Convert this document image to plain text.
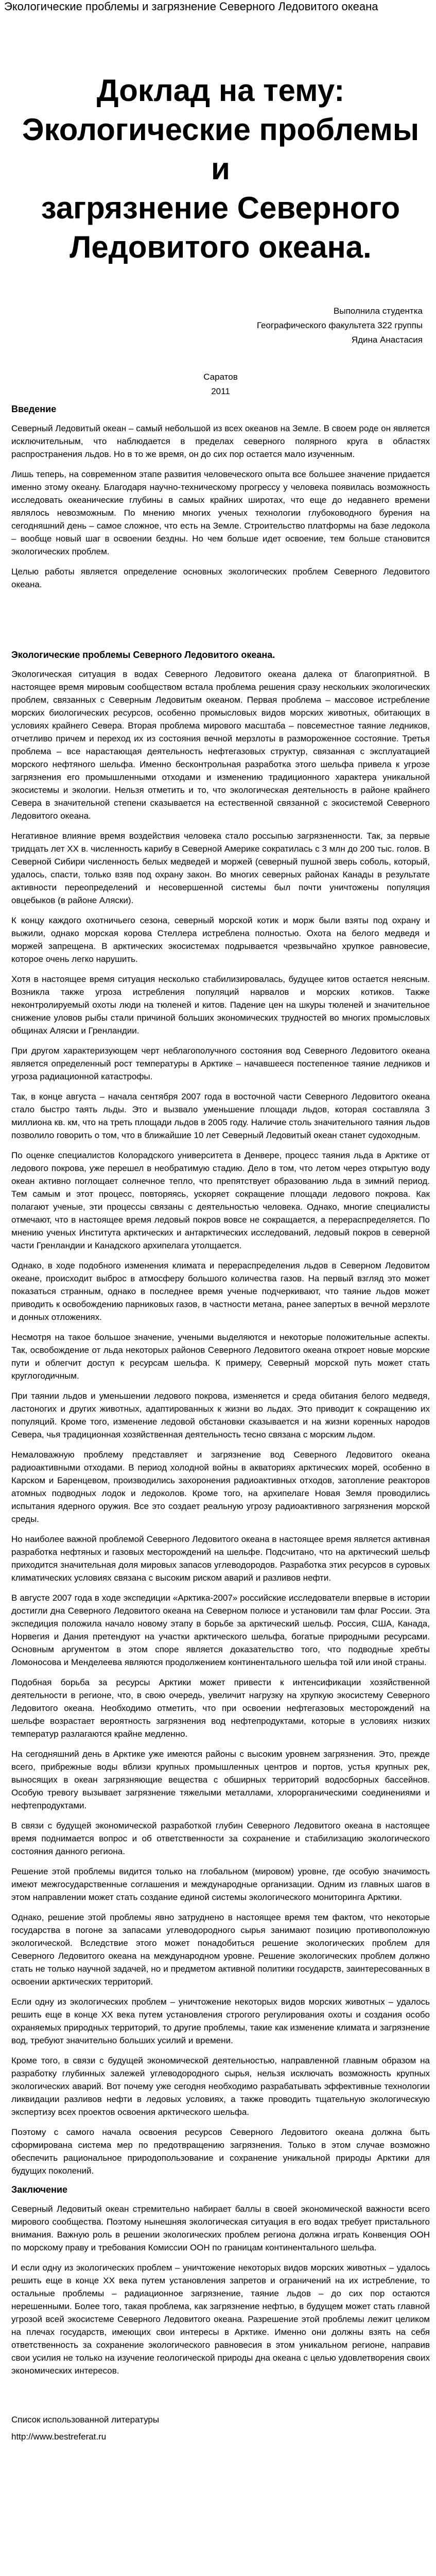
Экологические проблемы и загрязнение Северного Ледовитого океана
Доклад на тему:
Экологические проблемы и
загрязнение Северного
Ледовитого океана.
Выполнила студентка
Географического факультета 322 группы
Ядина Анастасия
Саратов
2011
Введение

Северный Ледовитый океан – самый небольшой из всех океанов на Земле. В своем роде он является исключительным, что наблюдается в пределах северного полярного круга в областях распространения льдов. Но в то же время, он до сих пор остается мало изученным.

Лишь теперь, на современном этапе развития человеческого опыта все большее значение придается именно этому океану. Благодаря научно-техническому прогрессу у человека появилась возможность исследовать океанические глубины в самых крайних широтах, что еще до недавнего времени являлось невозможным. По мнению многих ученых технологии глубоководного бурения на сегодняшний день – самое сложное, что есть на Земле. Строительство платформы на базе ледокола – вообще новый шаг в освоении бездны. Но чем больше идет освоение, тем больше становится экологических проблем.

Целью работы является определение основных экологических проблем Северного Ледовитого океана.

Экологические проблемы Северного Ледовитого океана.

Экологическая ситуация в водах Северного Ледовитого океана далека от благоприятной. В настоящее время мировым сообществом встала проблема решения сразу нескольких экологических проблем, связанных с Северным Ледовитым океаном. Первая проблема – массовое истребление морских биологических ресурсов, особенно промысловых видов морских животных, обитающих в условиях крайнего Севера. Вторая проблема мирового масштаба – повсеместное таяние ледников, отчетливо причем и переход их из состояния вечной мерзлоты в размороженное состояние. Третья проблема – все нарастающая деятельность нефтегазовых структур, связанная с эксплуатацией морского нефтяного шельфа. Именно бесконтрольная разработка этого шельфа привела к угрозе загрязнения его промышленными отходами и изменению традиционного характера уникальной экосистемы и экологии. Нельзя отметить и то, что экологическая деятельность в районе крайнего Севера в значительной степени сказывается на естественной связанной с экосистемой Северного Ледовитого океана.

Негативное влияние время воздействия человека стало россыпью загрязненности. Так, за первые тридцать лет XX в. численность карибу в Северной Америке сократилась с 3 млн до 200 тыс. голов. В Северной Сибири численность белых медведей и моржей (северный пушной зверь соболь, который, удалось, спасти, только взяв под охрану закон. Во многих северных районах Канады в результате активности переопределений и несовершенной системы был почти уничтожены популяция овцебыков (в районе Аляски).

К концу каждого охотничьего сезона, северный морской котик и морж были взяты под охрану и выжили, однако морская корова Стеллера истреблена полностью. Охота на белого медведя и моржей запрещена. В арктических экосистемах подрывается чрезвычайно хрупкое равновесие, которое очень легко нарушить.

Хотя в настоящее время ситуация несколько стабилизировалась, будущее китов остается неясным. Возникла также угроза истребления популяций нарвалов и морских котиков. Также неконтролируемый охоты люди на тюленей и китов. Падение цен на шкуры тюленей и значительное снижение уловов рыбы стали причиной больших экономических трудностей во многих промысловых общинах Аляски и Гренландии.

При другом характеризующем черт неблагополучного состояния вод Северного Ледовитого океана является определенный рост температуры в Арктике – начавшееся постепенное таяние ледников и угроза радиационной катастрофы.

Так, в конце августа – начала сентября 2007 года в восточной части Северного Ледовитого океана стало быстро таять льды. Это и вызвало уменьшение площади льдов, которая составляла 3 миллиона кв. км, что на треть площади льдов в 2005 году. Наличие столь значительного таяния льдов позволило говорить о том, что в ближайшие 10 лет Северный Ледовитый океан станет судоходным.

По оценке специалистов Колорадского университета в Денвере, процесс таяния льда в Арктике от ледового покрова, уже перешел в необратимую стадию. Дело в том, что летом через открытую воду океан активно поглощает солнечное тепло, что препятствует образованию льда в зимний период. Тем самым и этот процесс, повторяясь, ускоряет сокращение площади ледового покрова. Как полагают ученые, эти процессы связаны с деятельностью человека. Однако, многие специалисты отмечают, что в настоящее время ледовый покров вовсе не сокращается, а перераспределяется. По мнению ученых Института арктических и антарктических исследований, ледовый покров в северной части Гренландии и Канадского архипелага утолщается.

Однако, в ходе подобного изменения климата и перераспределения льдов в Северном Ледовитом океане, происходит выброс в атмосферу большого количества газов. На первый взгляд это может показаться странным, однако в последнее время ученые подчеркивают, что таяние льдов может приводить к освобождению парниковых газов, в частности метана, ранее запертых в вечной мерзлоте и донных отложениях.

Несмотря на такое большое значение, учеными выделяются и некоторые положительные аспекты. Так, освобождение от льда некоторых районов Северного Ледовитого океана откроет новые морские пути и облегчит доступ к ресурсам шельфа. К примеру, Северный морской путь может стать круглогодичным.

При таянии льдов и уменьшении ледового покрова, изменяется и среда обитания белого медведя, ластоногих и других животных, адаптированных к жизни во льдах. Это приводит к сокращению их популяций. Кроме того, изменение ледовой обстановки сказывается и на жизни коренных народов Севера, чья традиционная хозяйственная деятельность тесно связана с морским льдом.

Немаловажную проблему представляет и загрязнение вод Северного Ледовитого океана радиоактивными отходами. В период холодной войны в акваториях арктических морей, особенно в Карском и Баренцевом, производились захоронения радиоактивных отходов, затопление реакторов атомных подводных лодок и ледоколов. Кроме того, на архипелаге Новая Земля проводились испытания ядерного оружия. Все это создает реальную угрозу радиоактивного загрязнения морской среды.

Но наиболее важной проблемой Северного Ледовитого океана в настоящее время является активная разработка нефтяных и газовых месторождений на шельфе. Подсчитано, что на арктический шельф приходится значительная доля мировых запасов углеводородов. Разработка этих ресурсов в суровых климатических условиях связана с высоким риском аварий и разливов нефти.

В августе 2007 года в ходе экспедиции «Арктика-2007» российские исследователи впервые в истории достигли дна Северного Ледовитого океана на Северном полюсе и установили там флаг России. Эта экспедиция положила начало новому этапу в борьбе за арктический шельф. Россия, США, Канада, Норвегия и Дания претендуют на участки арктического шельфа, богатые природными ресурсами. Основным аргументом в этом споре является доказательство того, что подводные хребты Ломоносова и Менделеева являются продолжением континентального шельфа той или иной страны.

Подобная борьба за ресурсы Арктики может привести к интенсификации хозяйственной деятельности в регионе, что, в свою очередь, увеличит нагрузку на хрупкую экосистему Северного Ледовитого океана. Необходимо отметить, что при освоении нефтегазовых месторождений на шельфе возрастает вероятность загрязнения вод нефтепродуктами, которые в условиях низких температур разлагаются крайне медленно.

На сегодняшний день в Арктике уже имеются районы с высоким уровнем загрязнения. Это, прежде всего, прибрежные воды вблизи крупных промышленных центров и портов, устья крупных рек, выносящих в океан загрязняющие вещества с обширных территорий водосборных бассейнов. Особую тревогу вызывает загрязнение тяжелыми металлами, хлорорганическими соединениями и нефтепродуктами.

В связи с будущей экономической разработкой глубин Северного Ледовитого океана в настоящее время поднимается вопрос и об ответственности за сохранение и стабилизацию экологического состояния данного региона.

Решение этой проблемы видится только на глобальном (мировом) уровне, где особую значимость имеют межгосударственные соглашения и международные организации. Одним из главных шагов в этом направлении может стать создание единой системы экологического мониторинга Арктики.

Однако, решение этой проблемы явно затруднено в настоящее время тем фактом, что некоторые государства в погоне за запасами углеводородного сырья занимают позицию противоположную экологической. Вследствие этого может понадобиться решение экологических проблем для Северного Ледовитого океана на международном уровне. Решение экологических проблем должно стать не только научной задачей, но и предметом активной политики государств, заинтересованных в освоении арктических территорий.

Если одну из экологических проблем – уничтожение некоторых видов морских животных – удалось решить еще в конце XX века путем установления строгого регулирования охоты и создания особо охраняемых природных территорий, то другие проблемы, такие как изменение климата и загрязнение вод, требуют значительно больших усилий и времени.

Кроме того, в связи с будущей экономической деятельностью, направленной главным образом на разработку глубинных залежей углеводородного сырья, нельзя исключать возможность крупных экологических аварий. Вот почему уже сегодня необходимо разрабатывать эффективные технологии ликвидации разливов нефти в ледовых условиях, а также проводить тщательную экологическую экспертизу всех проектов освоения арктического шельфа.

Поэтому с самого начала освоения ресурсов Северного Ледовитого океана должна быть сформирована система мер по предотвращению загрязнения. Только в этом случае возможно обеспечить рациональное природопользование и сохранение уникальной природы Арктики для будущих поколений.

Заключение

Северный Ледовитый океан стремительно набирает баллы в своей экономической важности всего мирового сообщества. Поэтому нынешняя экологическая ситуация в его водах требует пристального внимания. Важную роль в решении экологических проблем региона должна играть Конвенция ООН по морскому праву и требования Комиссии ООН по границам континентального шельфа.

И если одну из экологических проблем – уничтожение некоторых видов морских животных – удалось решить еще в конце XX века путем установления запретов и ограничений на их истребление, то остальные проблемы – радиационное загрязнение, таяние льдов – до сих пор остаются нерешенными. Более того, такая проблема, как загрязнение нефтью, в будущем может стать главной угрозой всей экосистеме Северного Ледовитого океана. Разрешение этой проблемы лежит целиком на плечах государств, имеющих свои интересы в Арктике. Именно они должны взять на себя ответственность за сохранение экологического равновесия в этом уникальном регионе, направив свои усилия не только на изучение геологической природы дна океана с целью удовлетворения своих экономических интересов.

Список использованной литературы
http://www.bestreferat.ru
